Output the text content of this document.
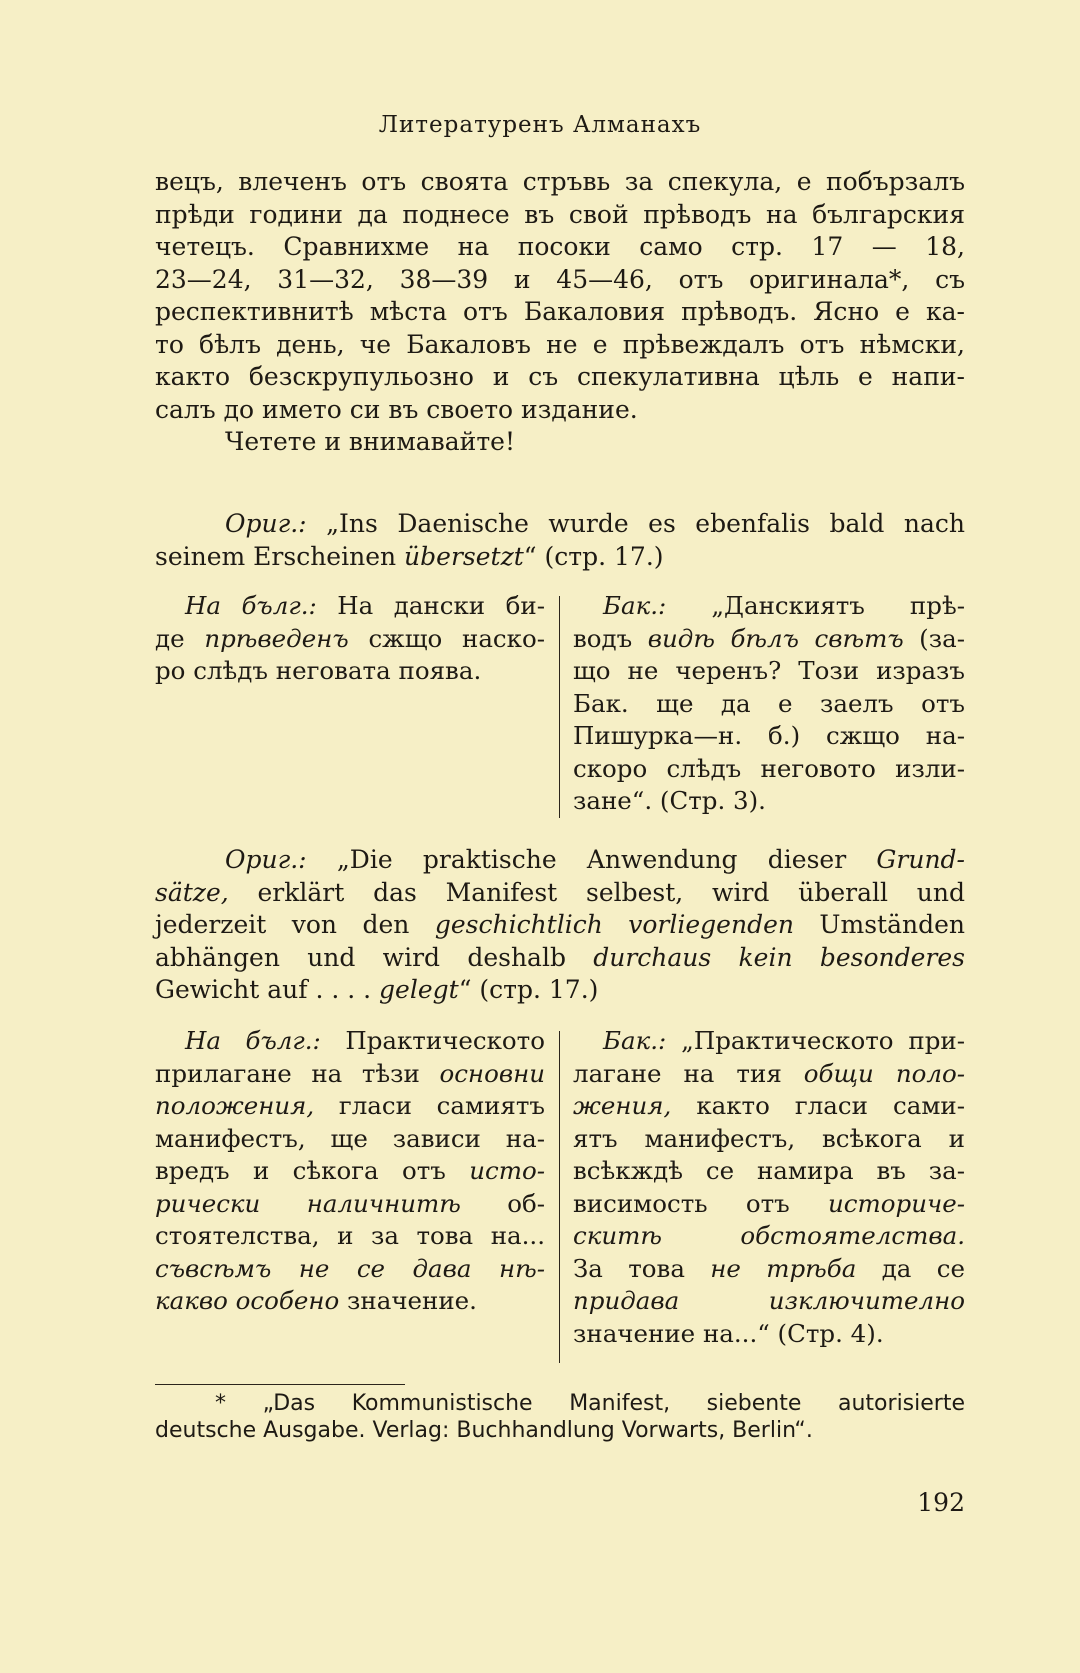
Литературенъ Алманахъ

вецъ, влеченъ отъ своята стръвь за спекула, е побързалъ

прѣди години да поднесе въ свой прѣводъ на българския

четецъ. Сравнихме на посоки само стр. 17 — 18,

23—24, 31—32, 38—39 и 45—46, отъ оригинала*, съ

респективнитѣ мѣста отъ Бакаловия прѣводъ. Ясно е ка-

то бѣлъ день, че Бакаловъ не е прѣвеждалъ отъ нѣмски,

както безскрупульозно и съ спекулативна цѣль е напи-

салъ до името си въ своето издание.

Четете и внимавайте!

Ориг.: „Ins Daenische wurde es ebenfalis bald nach

seinem Erscheinen übersetzt“ (стр. 17.)

На бълг.: На дански би-

де прѣведенъ сжщо наско-

ро слѣдъ неговата поява.

Бак.: „Данскиятъ прѣ-

водъ видѣ бѣлъ свѣтъ (за-

що не черенъ? Този изразъ

Бак. ще да е заелъ отъ

Пишурка—н. б.) сжщо на-

скоро слѣдъ неговото изли-

зане“. (Стр. 3).

Ориг.: „Die praktische Anwendung dieser Grund-

sätze, erklärt das Manifest selbest, wird überall und

jederzeit von den geschichtlich vorliegenden Umständen

abhängen und wird deshalb durchaus kein besonderes

Gewicht auf . . . . gelegt“ (стр. 17.)

На бълг.: Практическото

прилагане на тѣзи основни

положения, гласи самиятъ

манифестъ, ще зависи на-

вредъ и сѣкога отъ исто-

рически наличнитѣ об-

стоятелства, и за това на...

съвсѣмъ не се дава нѣ-

какво особено значение.

Бак.: „Практическото при-

лагане на тия общи поло-

жения, както гласи сами-

ятъ манифестъ, всѣкога и

всѣкждѣ се намира въ за-

висимость отъ историче-

скитѣ обстоятелства.

За това не трѣба да се

придава изключително

значение на...“ (Стр. 4).

* „Das Kommunistische Manifest, siebente autorisierte

deutsche Ausgabe. Verlag: Buchhandlung Vorwarts, Berlin“.

192
